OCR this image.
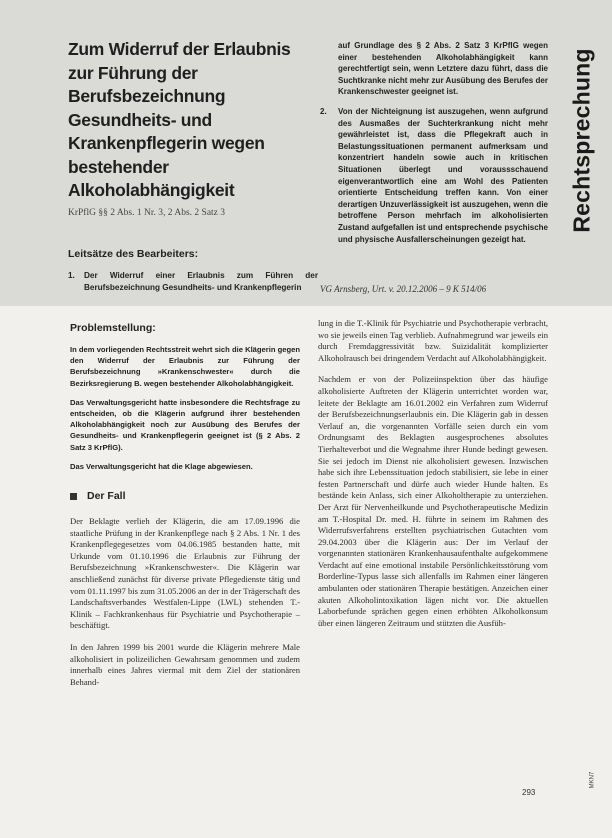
Zum Widerruf der Erlaubnis zur Führung der Berufsbezeichnung Gesundheits- und Krankenpflegerin wegen bestehender Alkoholabhängigkeit
KrPflG §§ 2 Abs. 1 Nr. 3, 2 Abs. 2 Satz 3
Leitsätze des Bearbeiters:
1.	Der Widerruf einer Erlaubnis zum Führen der Berufsbezeichnung Gesundheits- und Krankenpflegerin

auf Grundlage des § 2 Abs. 2 Satz 3 KrPflG wegen einer bestehenden Alkoholabhängigkeit kann gerechtfertigt sein, wenn Letztere dazu führt, dass die Suchtkranke nicht mehr zur Ausübung des Berufes der Krankenschwester geeignet ist.

2. Von der Nichteignung ist auszugehen, wenn aufgrund des Ausmaßes der Suchterkrankung nicht mehr gewährleistet ist, dass die Pflegekraft auch in Belastungssituationen permanent aufmerksam und konzentriert handeln sowie auch in kritischen Situationen überlegt und voraussschauend eigenverantwortlich eine am Wohl des Patienten orientierte Entscheidung treffen kann. Von einer derartigen Unzuverlässigkeit ist auszugehen, wenn die betroffene Person mehrfach im alkoholisierten Zustand aufgefallen ist und entsprechende psychische und physische Ausfallerscheinungen gezeigt hat.
VG Arnsberg, Urt. v. 20.12.2006 – 9 K 514/06
Rechtsprechung
Problemstellung:

In dem vorliegenden Rechtsstreit wehrt sich die Klägerin gegen den Widerruf der Erlaubnis zur Führung der Berufsbezeichnung »Krankenschwester« durch die Bezirksregierung B. wegen bestehender Alkoholabhängigkeit.

Das Verwaltungsgericht hatte insbesondere die Rechtsfrage zu entscheiden, ob die Klägerin aufgrund ihrer bestehenden Alkoholabhängigkeit noch zur Ausübung des Berufes der Gesundheits- und Krankenpflegerin geeignet ist (§ 2 Abs. 2 Satz 3 KrPflG).

Das Verwaltungsgericht hat die Klage abgewiesen.

Der Fall

Der Beklagte verlieh der Klägerin, die am 17.09.1996 die staatliche Prüfung in der Krankenpflege nach § 2 Abs. 1 Nr. 1 des Krankenpflegegesetzes vom 04.06.1985 bestanden hatte, mit Urkunde vom 01.10.1996 die Erlaubnis zur Führung der Berufsbezeichnung »Krankenschwester«. Die Klägerin war anschließend zunächst für diverse private Pflegedienste tätig und vom 01.11.1997 bis zum 31.05.2006 an der in der Trägerschaft des Landschaftsverbandes Westfalen-Lippe (LWL) stehenden T.-Klinik – Fachkrankenhaus für Psychiatrie und Psychotherapie – beschäftigt.

In den Jahren 1999 bis 2001 wurde die Klägerin mehrere Male alkoholisiert in polizeilichen Gewahrsam genommen und zudem innerhalb eines Jahres viermal mit dem Ziel der stationären Behand-

lung in die T.-Klinik für Psychiatrie und Psychotherapie verbracht, wo sie jeweils einen Tag verblieb. Aufnahmegrund war jeweils ein durch Fremdaggressivität bzw. Suizidalität komplizierter Alkoholrausch bei dringendem Verdacht auf Alkoholabhängigkeit.

Nachdem er von der Polizeiinspektion über das häufige alkoholisierte Auftreten der Klägerin unterrichtet worden war, leitete der Beklagte am 16.01.2002 ein Verfahren zum Widerruf der Berufsbezeichnungserlaubnis ein. Die Klägerin gab in dessen Verlauf an, die vorgenannten Vorfälle seien durch ein vom Ordnungsamt des Beklagten ausgesprochenes absolutes Tierhalteverbot und die Wegnahme ihrer Hunde bedingt gewesen. Sie sei jedoch im Dienst nie alkoholisiert gewesen. Inzwischen habe sich ihre Lebenssituation jedoch stabilisiert, sie lebe in einer festen Partnerschaft und dürfe auch wieder Hunde halten. Es bestände kein Anlass, sich einer Alkoholtherapie zu unterziehen. Der Arzt für Nervenheilkunde und Psychotherapeutische Medizin am T.-Hospital Dr. med. H. führte in seinem im Rahmen des Widerrufsverfahrens erstellten psychiatrischen Gutachten vom 29.04.2003 über die Klägerin aus: Der im Verlauf der vorgenannten stationären Krankenhausaufenthalte aufgekommene Verdacht auf eine emotional instabile Persönlichkeitsstörung vom Borderline-Typus lasse sich allenfalls im Rahmen einer längeren ambulanten oder stationären Therapie bestätigen. Anzeichen einer akuten Alkoholintoxikation lägen nicht vor. Die aktuellen Laborbefunde sprächen gegen einen erhöhten Alkoholkonsum über einen längeren Zeitraum und stützten die Ausfüh-

293
MKN7
